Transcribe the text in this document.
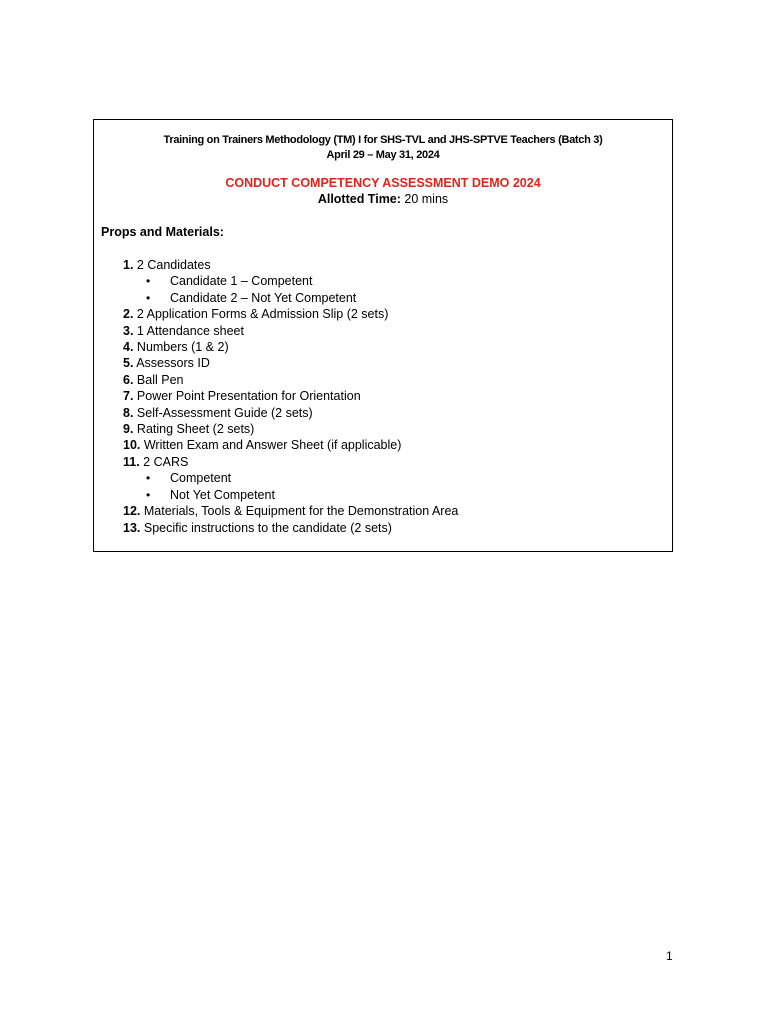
Training on Trainers Methodology (TM) I for SHS-TVL and JHS-SPTVE Teachers (Batch 3)
April 29 – May 31, 2024
CONDUCT COMPETENCY ASSESSMENT DEMO 2024
Allotted Time: 20 mins
Props and Materials:
1. 2 Candidates
• Candidate 1 – Competent
• Candidate 2 – Not Yet Competent
2. 2 Application Forms & Admission Slip (2 sets)
3. 1 Attendance sheet
4. Numbers (1 & 2)
5. Assessors ID
6. Ball Pen
7. Power Point Presentation for Orientation
8. Self-Assessment Guide (2 sets)
9. Rating Sheet (2 sets)
10. Written Exam and Answer Sheet (if applicable)
11. 2 CARS
• Competent
• Not Yet Competent
12. Materials, Tools & Equipment for the Demonstration Area
13. Specific instructions to the candidate (2 sets)
1
